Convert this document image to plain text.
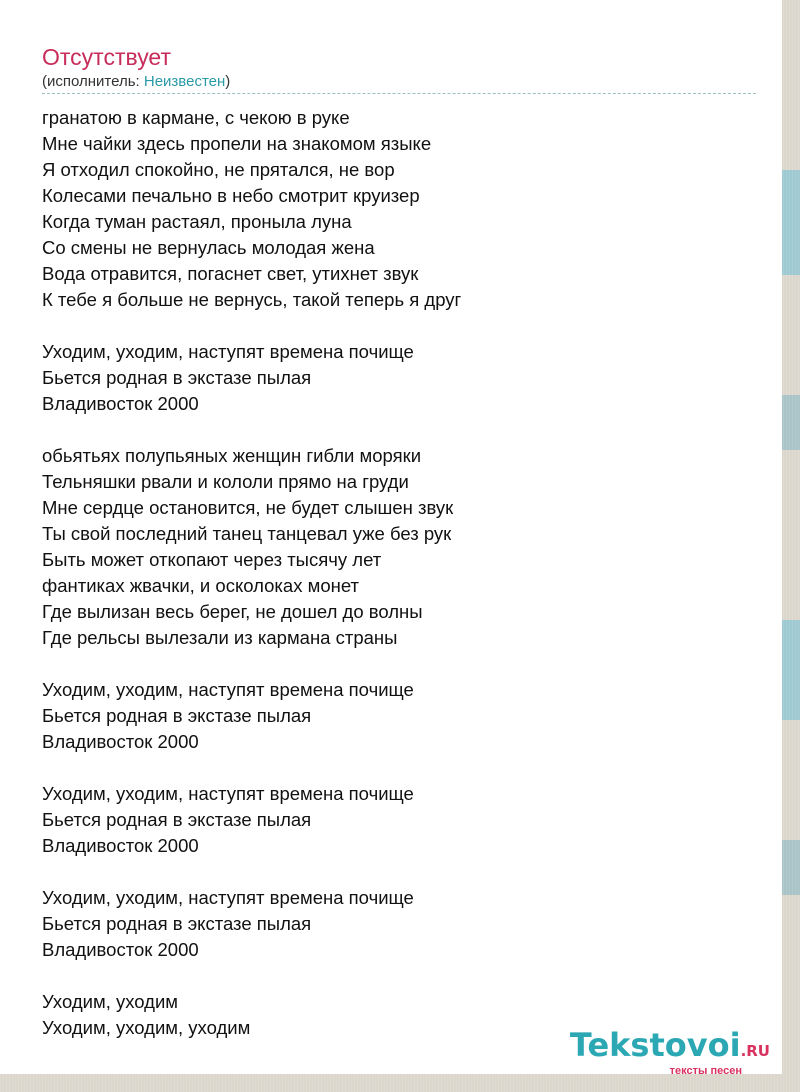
Отсутствует
(исполнитель: Неизвестен)
гранатою в кармане, с чекою в руке
Мне чайки здесь пропели на знакомом языке
Я отходил спокойно, не прятался, не вор
Колесами печально в небо смотрит круизер
Когда туман растаял, проныла луна
Со смены не вернулась молодая жена
Вода отравится, погаснет свет, утихнет звук
К тебе я больше не вернусь, такой теперь я друг
Уходим, уходим, наступят времена почище
Бьется родная в экстазе пылая
Владивосток 2000
обьятьях полупьяных женщин гибли моряки
Тельняшки рвали и кололи прямо на груди
Мне сердце остановится, не будет слышен звук
Ты свой последний танец танцевал уже без рук
Быть может откопают через тысячу лет
фантиках жвачки, и осколоках монет
Где вылизан весь берег, не дошел до волны
Где рельсы вылезали из кармана страны
Уходим, уходим, наступят времена почище
Бьется родная в экстазе пылая
Владивосток 2000
Уходим, уходим, наступят времена почище
Бьется родная в экстазе пылая
Владивосток 2000
Уходим, уходим, наступят времена почище
Бьется родная в экстазе пылая
Владивосток 2000
Уходим, уходим
Уходим, уходим, уходим	Tekstovoi.RU
тексты песен
